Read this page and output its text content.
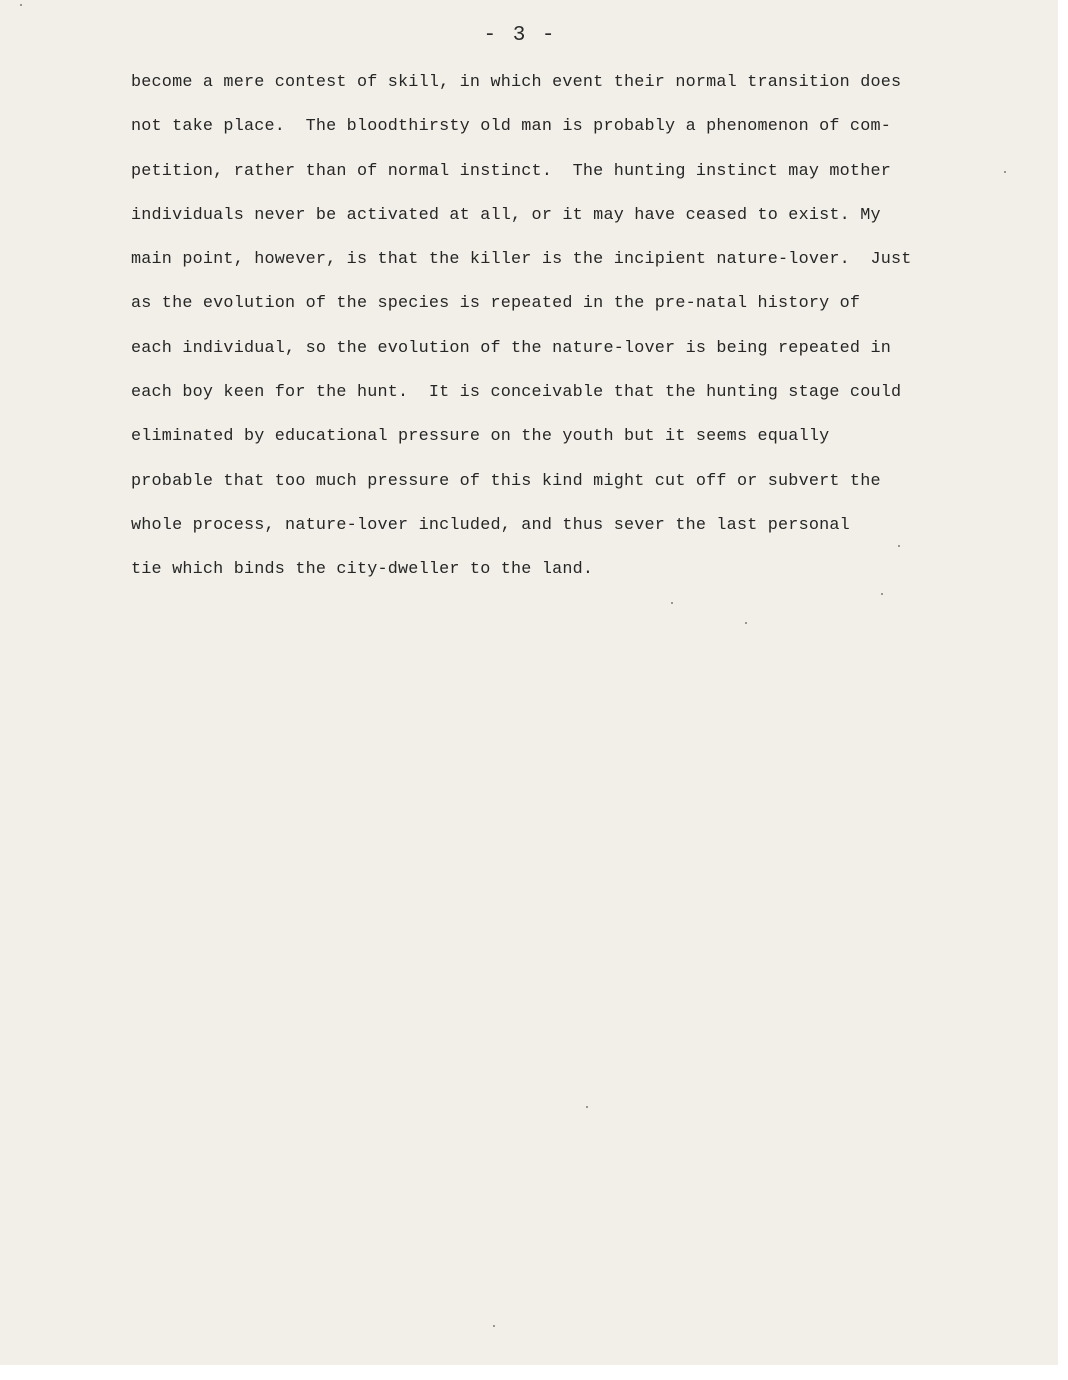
- 3 -
become a mere contest of skill, in which event their normal transition does
not take place.  The bloodthirsty old man is probably a phenomenon of com-
petition, rather than of normal instinct.  The hunting instinct may mother
individuals never be activated at all, or it may have ceased to exist. My
main point, however, is that the killer is the incipient nature-lover.  Just
as the evolution of the species is repeated in the pre-natal history of
each individual, so the evolution of the nature-lover is being repeated in
each boy keen for the hunt.  It is conceivable that the hunting stage could
eliminated by educational pressure on the youth but it seems equally
probable that too much pressure of this kind might cut off or subvert the
whole process, nature-lover included, and thus sever the last personal
tie which binds the city-dweller to the land.
